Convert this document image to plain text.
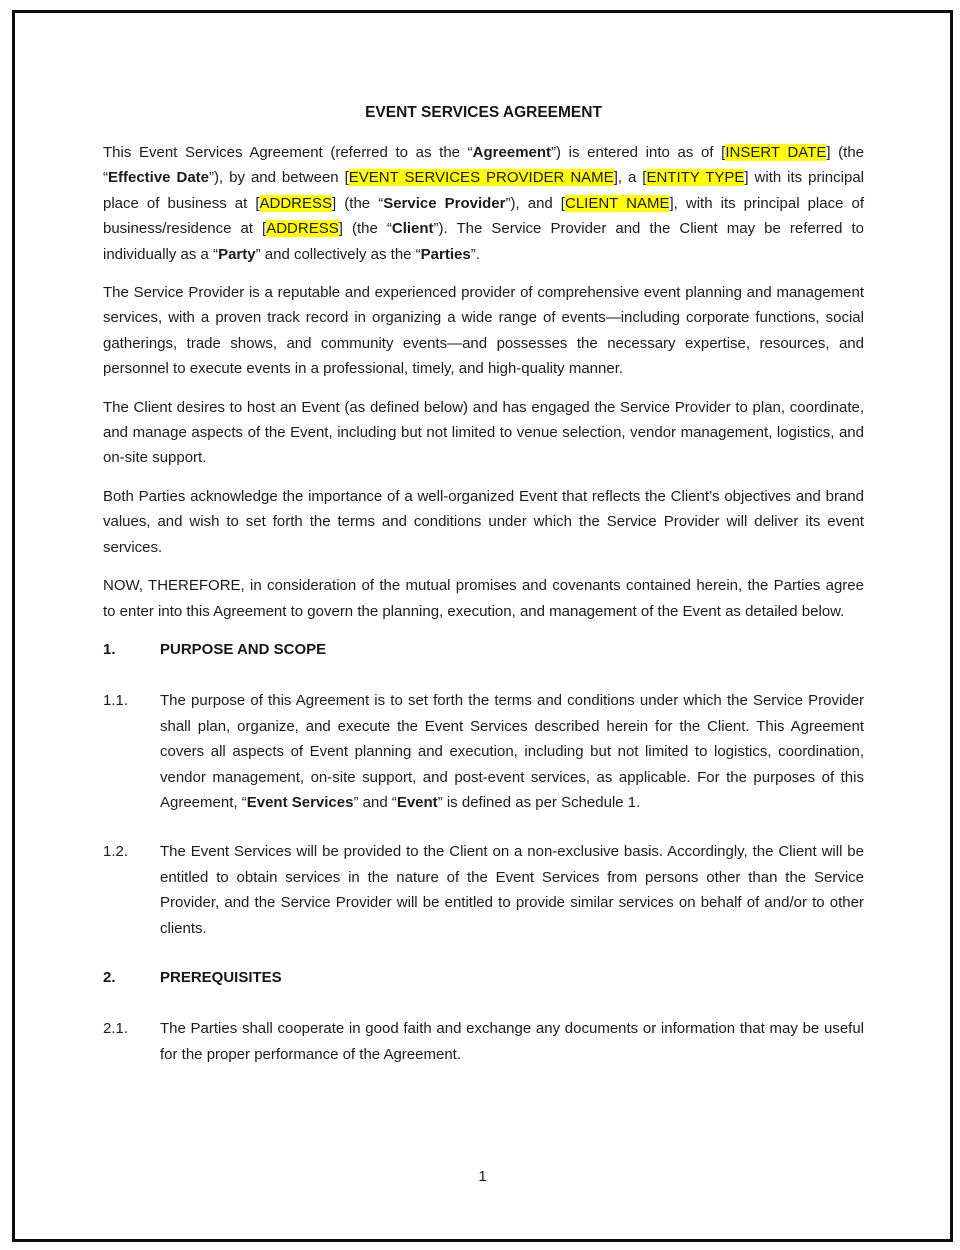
EVENT SERVICES AGREEMENT

This Event Services Agreement (referred to as the “Agreement”) is entered into as of [INSERT DATE] (the “Effective Date”), by and between [EVENT SERVICES PROVIDER NAME], a [ENTITY TYPE] with its principal place of business at [ADDRESS] (the “Service Provider”), and [CLIENT NAME], with its principal place of business/residence at [ADDRESS] (the “Client”). The Service Provider and the Client may be referred to individually as a “Party” and collectively as the “Parties”.

The Service Provider is a reputable and experienced provider of comprehensive event planning and management services, with a proven track record in organizing a wide range of events—including corporate functions, social gatherings, trade shows, and community events—and possesses the necessary expertise, resources, and personnel to execute events in a professional, timely, and high-quality manner.

The Client desires to host an Event (as defined below) and has engaged the Service Provider to plan, coordinate, and manage aspects of the Event, including but not limited to venue selection, vendor management, logistics, and on-site support.

Both Parties acknowledge the importance of a well-organized Event that reflects the Client’s objectives and brand values, and wish to set forth the terms and conditions under which the Service Provider will deliver its event services.

NOW, THEREFORE, in consideration of the mutual promises and covenants contained herein, the Parties agree to enter into this Agreement to govern the planning, execution, and management of the Event as detailed below.

1.	PURPOSE AND SCOPE
1.1.	The purpose of this Agreement is to set forth the terms and conditions under which the Service Provider shall plan, organize, and execute the Event Services described herein for the Client. This Agreement covers all aspects of Event planning and execution, including but not limited to logistics, coordination, vendor management, on-site support, and post-event services, as applicable. For the purposes of this Agreement, “Event Services” and “Event” is defined as per Schedule 1.
1.2.	The Event Services will be provided to the Client on a non-exclusive basis. Accordingly, the Client will be entitled to obtain services in the nature of the Event Services from persons other than the Service Provider, and the Service Provider will be entitled to provide similar services on behalf of and/or to other clients.
2.	PREREQUISITES
2.1.	The Parties shall cooperate in good faith and exchange any documents or information that may be useful for the proper performance of the Agreement.
1
